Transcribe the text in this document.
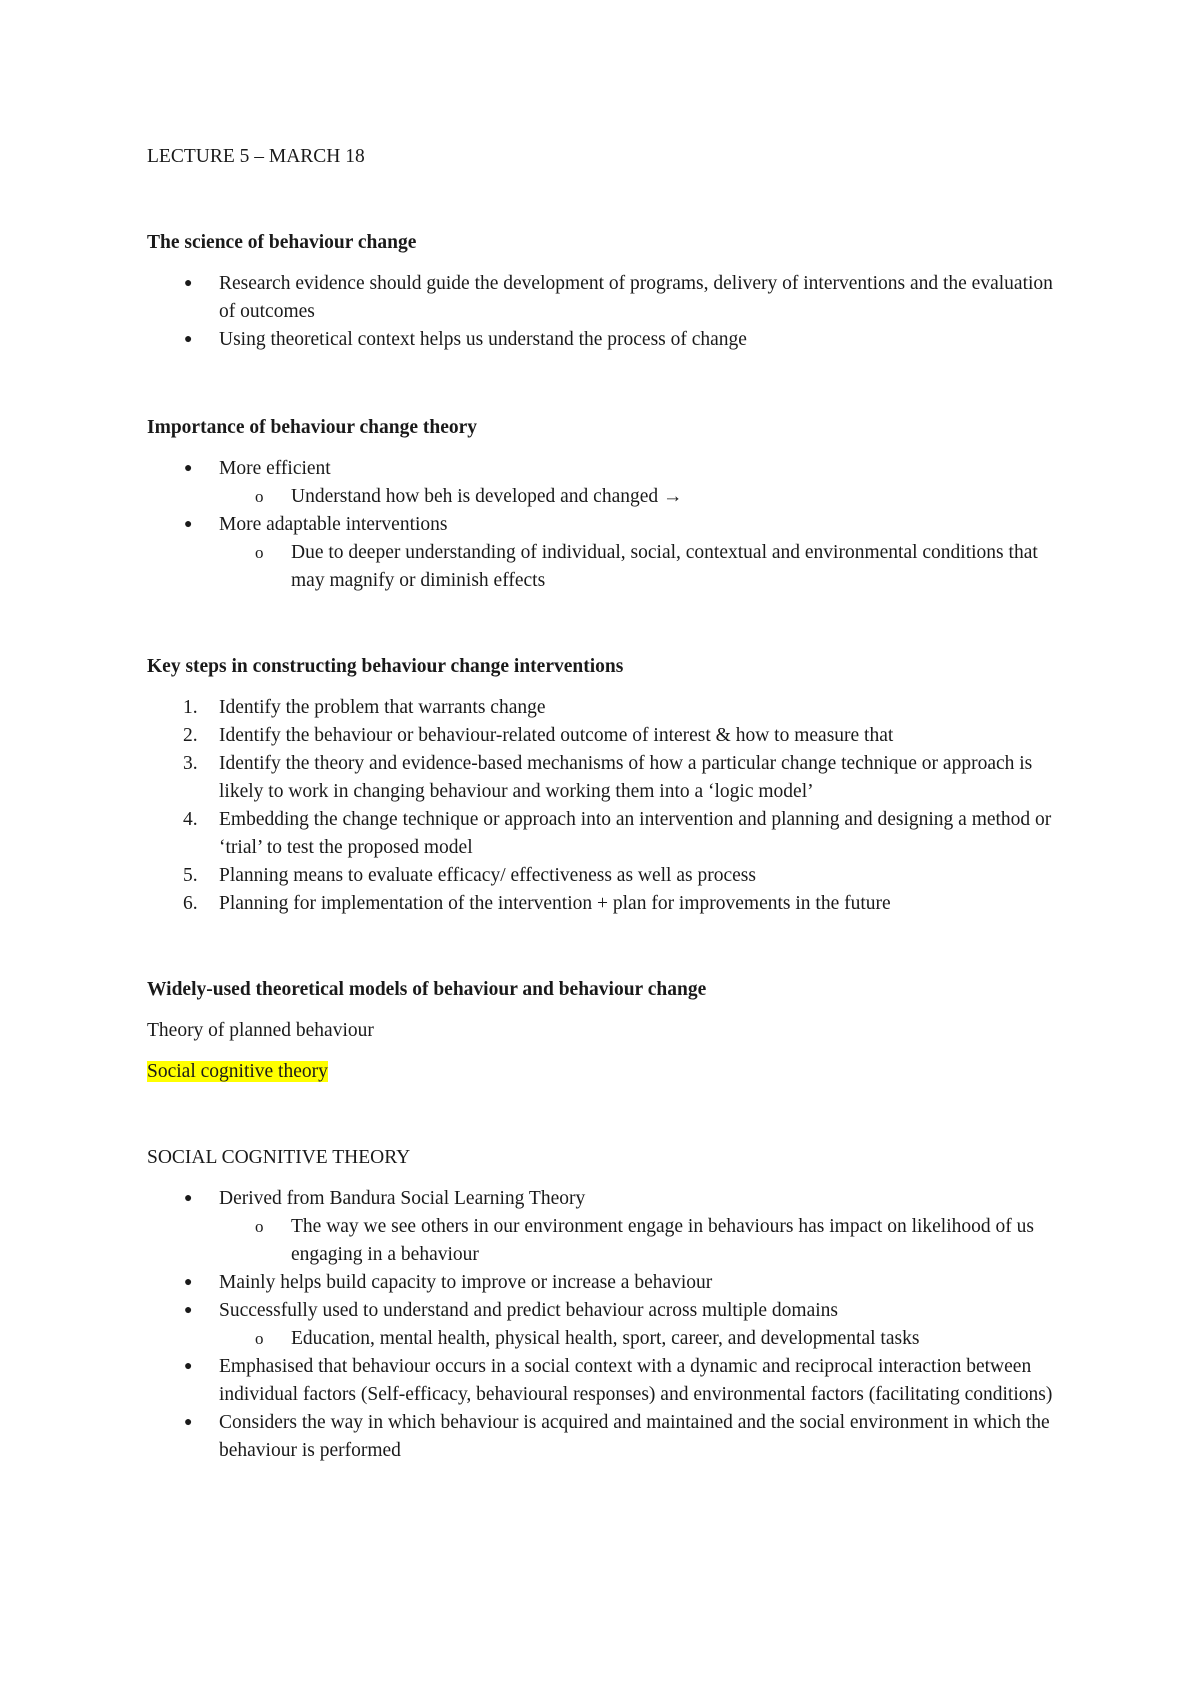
LECTURE 5 – MARCH 18

The science of behaviour change

● Research evidence should guide the development of programs, delivery of interventions and the evaluation of outcomes
● Using theoretical context helps us understand the process of change

Importance of behaviour change theory

● More efficient
o Understand how beh is developed and changed →
● More adaptable interventions
o Due to deeper understanding of individual, social, contextual and environmental conditions that may magnify or diminish effects

Key steps in constructing behaviour change interventions

1. Identify the problem that warrants change
2. Identify the behaviour or behaviour-related outcome of interest & how to measure that
3. Identify the theory and evidence-based mechanisms of how a particular change technique or approach is likely to work in changing behaviour and working them into a ‘logic model’
4. Embedding the change technique or approach into an intervention and planning and designing a method or ‘trial’ to test the proposed model
5. Planning means to evaluate efficacy/ effectiveness as well as process
6. Planning for implementation of the intervention + plan for improvements in the future

Widely-used theoretical models of behaviour and behaviour change

Theory of planned behaviour

Social cognitive theory

SOCIAL COGNITIVE THEORY

● Derived from Bandura Social Learning Theory
o The way we see others in our environment engage in behaviours has impact on likelihood of us engaging in a behaviour
● Mainly helps build capacity to improve or increase a behaviour
● Successfully used to understand and predict behaviour across multiple domains
o Education, mental health, physical health, sport, career, and developmental tasks
● Emphasised that behaviour occurs in a social context with a dynamic and reciprocal interaction between individual factors (Self-efficacy, behavioural responses) and environmental factors (facilitating conditions)
● Considers the way in which behaviour is acquired and maintained and the social environment in which the behaviour is performed
